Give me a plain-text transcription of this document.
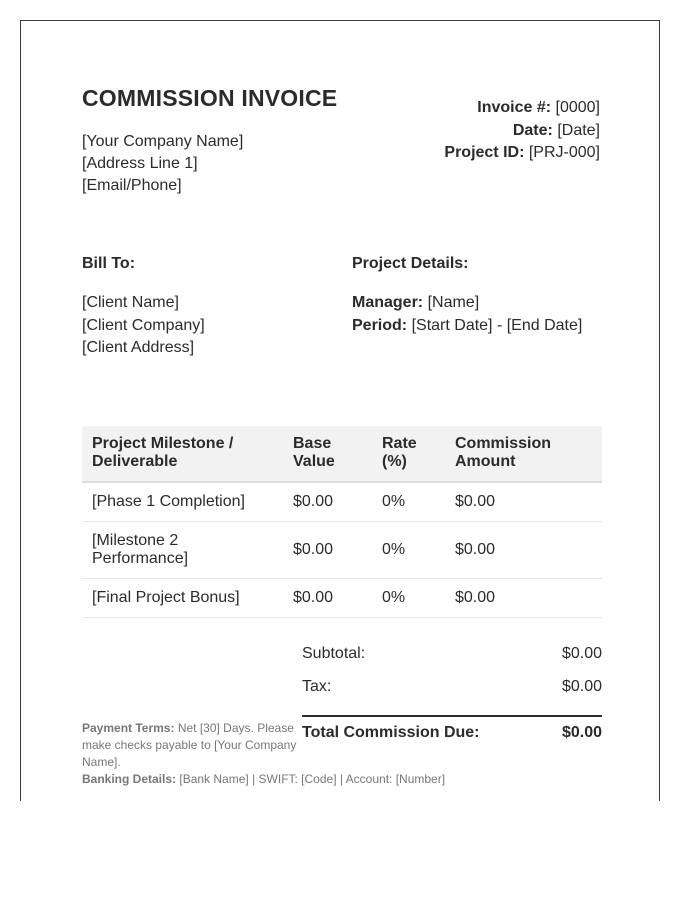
COMMISSION INVOICE
[Your Company Name]
[Address Line 1]
[Email/Phone]
Invoice #: [0000]
Date: [Date]
Project ID: [PRJ-000]
Bill To:	Project Details:
[Client Name]
[Client Company]
[Client Address]
Manager: [Name]
Period: [Start Date] - [End Date]
Project Milestone / Deliverable	Base Value	Rate (%)	Commission Amount
[Phase 1 Completion]	$0.00	0%	$0.00
[Milestone 2 Performance]	$0.00	0%	$0.00
[Final Project Bonus]	$0.00	0%	$0.00
Subtotal:	$0.00
Tax:	$0.00
Total Commission Due:	$0.00
Payment Terms: Net [30] Days. Please make checks payable to [Your Company Name].
Banking Details: [Bank Name] | SWIFT: [Code] | Account: [Number]
